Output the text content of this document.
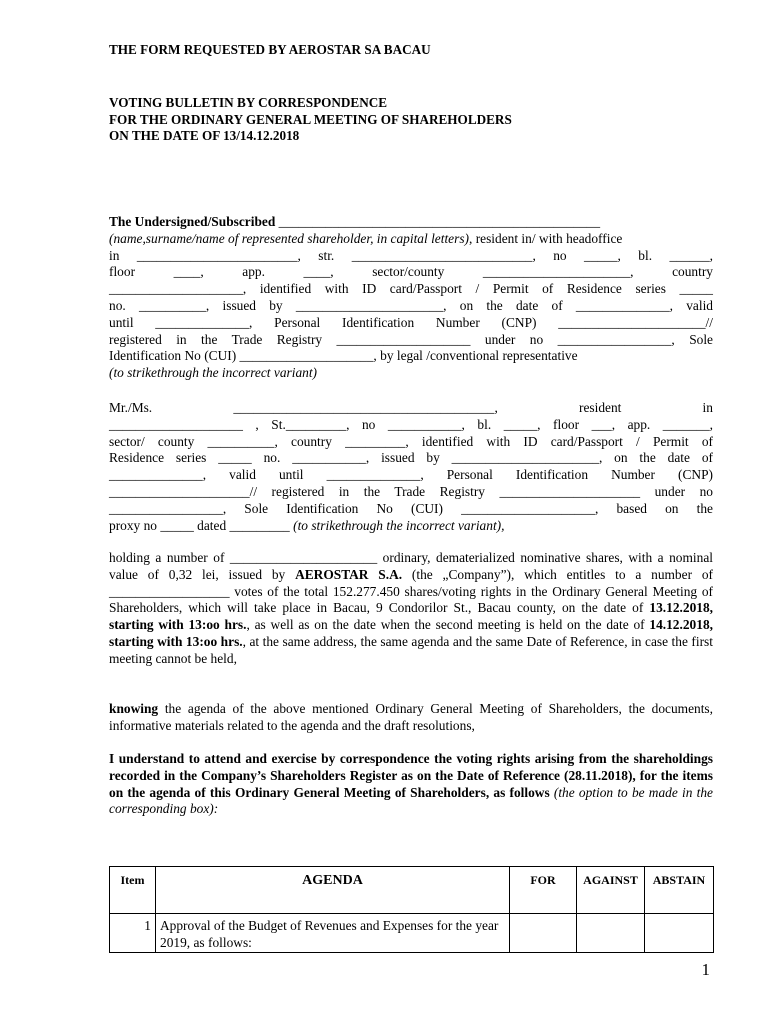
THE FORM REQUESTED BY AEROSTAR SA BACAU
VOTING BULLETIN BY CORRESPONDENCE
FOR THE ORDINARY GENERAL MEETING OF SHAREHOLDERS
ON THE DATE OF 13/14.12.2018
The Undersigned/Subscribed
________________________________________________
(name,surname/name of represented shareholder, in capital letters), resident in/ with headoffice
in ________________________, str. ___________________________, no _____, bl. ______,
floor	____,	app.	____,	sector/county	______________________,	country
____________________, identified with ID card/Passport / Permit of Residence series _____
no. __________, issued by ______________________, on the date of ______________, valid
until ______________, Personal Identification Number (CNP) ______________________//
registered in the Trade Registry ____________________ under no _________________, Sole
Identification No (CUI) ____________________, by legal /conventional representative
(to strikethrough the incorrect variant)
Mr./Ms.	_______________________________________,	resident	in
____________________ , St._________, no ___________, bl. _____, floor ___, app. _______,
sector/ county __________, country _________, identified with ID card/Passport / Permit of
Residence series _____ no. ___________, issued by ______________________, on the date of
______________, valid until ______________, Personal Identification Number (CNP)
_____________________// registered in the Trade Registry _____________________ under no
_________________, Sole Identification No (CUI) ____________________, based on the
proxy no _____ dated _________ (to strikethrough the incorrect variant),
holding a number of ______________________ ordinary, dematerialized nominative shares, with a nominal value of 0,32 lei, issued by AEROSTAR S.A. (the „Company”), which entitles to a number of __________________ votes of the total 152.277.450 shares/voting rights in the Ordinary General Meeting of Shareholders, which will take place in Bacau, 9 Condorilor St., Bacau county, on the date of 13.12.2018, starting with 13:oo hrs., as well as on the date when the second meeting is held on the date of 14.12.2018, starting with 13:oo hrs., at the same address, the same agenda and the same Date of Reference, in case the first meeting cannot be held,
knowing the agenda of the above mentioned Ordinary General Meeting of Shareholders, the documents, informative materials related to the agenda and the draft resolutions,
I understand to attend and exercise by correspondence the voting rights arising from the shareholdings recorded in the Company’s Shareholders Register as on the Date of Reference (28.11.2018), for the items on the agenda of this Ordinary General Meeting of Shareholders, as follows (the option to be made in the corresponding box):
Item	AGENDA	FOR	AGAINST	ABSTAIN
1	Approval of the Budget of Revenues and Expenses for the year 2019, as follows:			
1
